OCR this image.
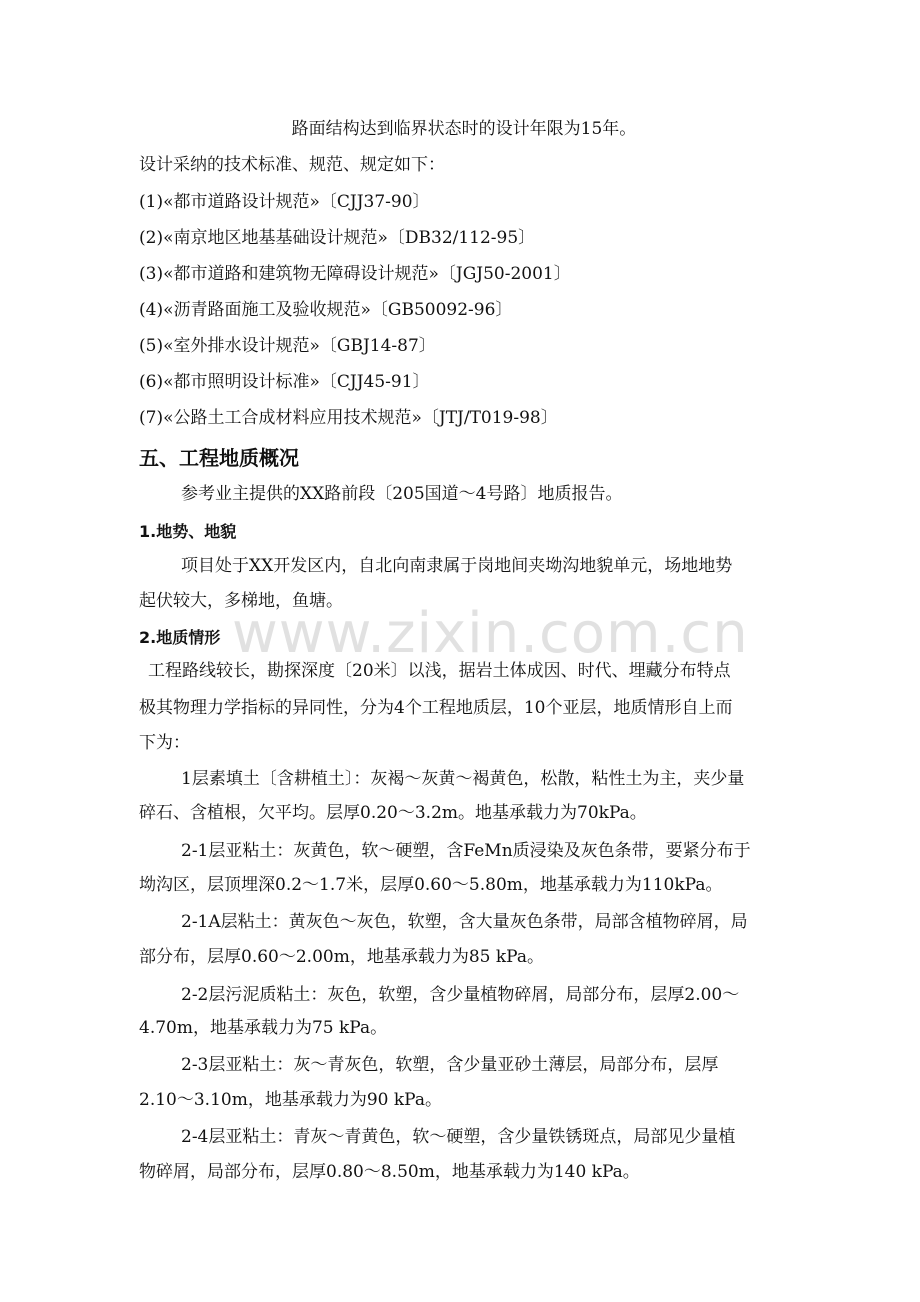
路面结构达到临界状态时的设计年限为15年。
设计采纳的技术标准、规范、规定如下：
(1)«都市道路设计规范»〔CJJ37-90〕
(2)«南京地区地基基础设计规范»〔DB32/112-95〕
(3)«都市道路和建筑物无障碍设计规范»〔JGJ50-2001〕
(4)«沥青路面施工及验收规范»〔GB50092-96〕
(5)«室外排水设计规范»〔GBJ14-87〕
(6)«都市照明设计标准»〔CJJ45-91〕
(7)«公路土工合成材料应用技术规范»〔JTJ/T019-98〕
五、工程地质概况
参考业主提供的XX路前段〔205国道～4号路〕地质报告。
1.地势、地貌
项目处于XX开发区内，自北向南隶属于岗地间夹坳沟地貌单元，场地地势
起伏较大，多梯地，鱼塘。
2.地质情形
工程路线较长，勘探深度〔20米〕以浅，据岩土体成因、时代、埋藏分布特点
极其物理力学指标的异同性，分为4个工程地质层，10个亚层，地质情形自上而
下为：
1层素填土〔含耕植土〕：灰褐～灰黄～褐黄色，松散，粘性土为主，夹少量
碎石、含植根，欠平均。层厚0.20～3.2m。地基承载力为70kPa。
2-1层亚粘土：灰黄色，软～硬塑，含FeMn质浸染及灰色条带，要紧分布于
坳沟区，层顶埋深0.2～1.7米，层厚0.60～5.80m，地基承载力为110kPa。
2-1A层粘土：黄灰色～灰色，软塑，含大量灰色条带，局部含植物碎屑，局
部分布，层厚0.60～2.00m，地基承载力为85 kPa。
2-2层污泥质粘土：灰色，软塑，含少量植物碎屑，局部分布，层厚2.00～
4.70m，地基承载力为75 kPa。
2-3层亚粘土：灰～青灰色，软塑，含少量亚砂土薄层，局部分布，层厚
2.10～3.10m，地基承载力为90 kPa。
2-4层亚粘土：青灰～青黄色，软～硬塑，含少量铁锈斑点，局部见少量植
物碎屑，局部分布，层厚0.80～8.50m，地基承载力为140 kPa。
www.zixin.com.cn
